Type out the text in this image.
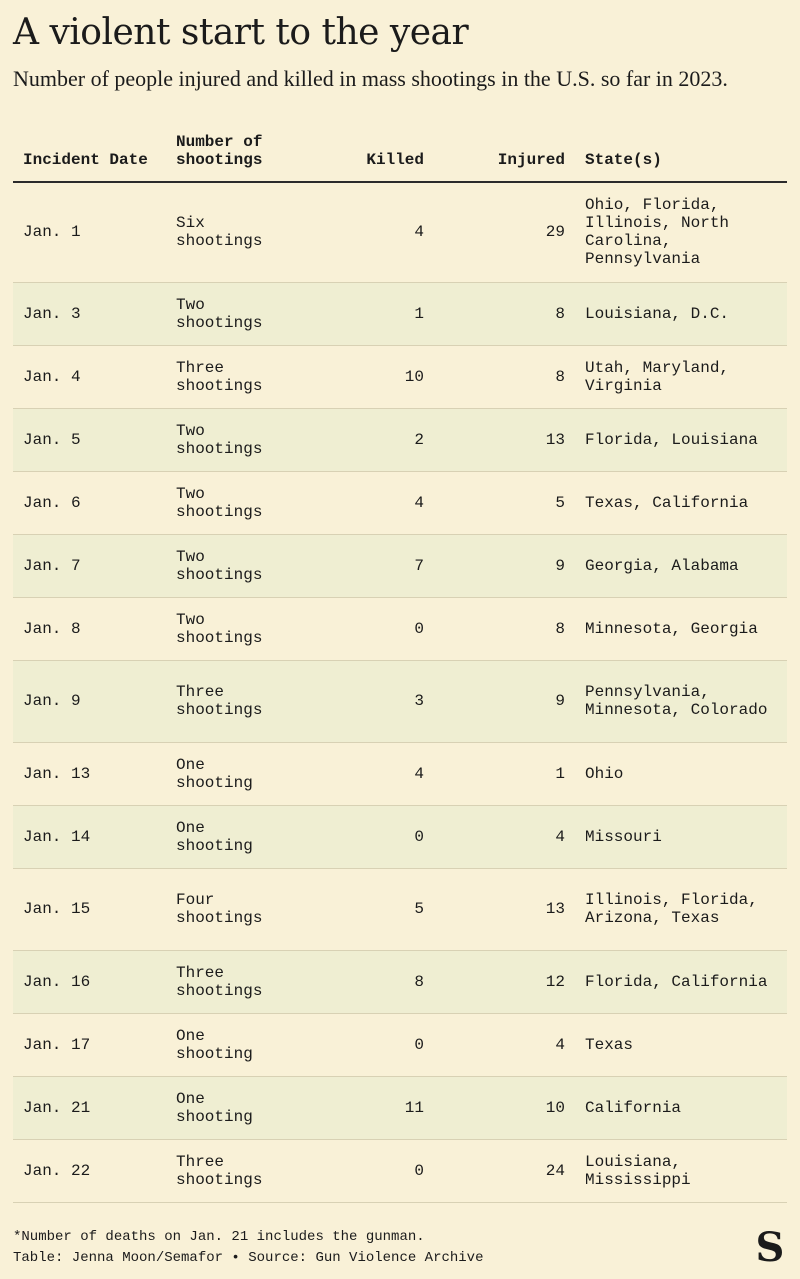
A violent start to the year
Number of people injured and killed in mass shootings in the U.S. so far in 2023.
Incident Date	Number of shootings	Killed	Injured	State(s)
Jan. 1	Six shootings	4	29	Ohio, Florida, Illinois, North Carolina, Pennsylvania
Jan. 3	Two shootings	1	8	Louisiana, D.C.
Jan. 4	Three shootings	10	8	Utah, Maryland, Virginia
Jan. 5	Two shootings	2	13	Florida, Louisiana
Jan. 6	Two shootings	4	5	Texas, California
Jan. 7	Two shootings	7	9	Georgia, Alabama
Jan. 8	Two shootings	0	8	Minnesota, Georgia
Jan. 9	Three shootings	3	9	Pennsylvania, Minnesota, Colorado
Jan. 13	One shooting	4	1	Ohio
Jan. 14	One shooting	0	4	Missouri
Jan. 15	Four shootings	5	13	Illinois, Florida, Arizona, Texas
Jan. 16	Three shootings	8	12	Florida, California
Jan. 17	One shooting	0	4	Texas
Jan. 21	One shooting	11	10	California
Jan. 22	Three shootings	0	24	Louisiana, Mississippi
*Number of deaths on Jan. 21 includes the gunman.
Table: Jenna Moon/Semafor • Source: Gun Violence Archive	S
